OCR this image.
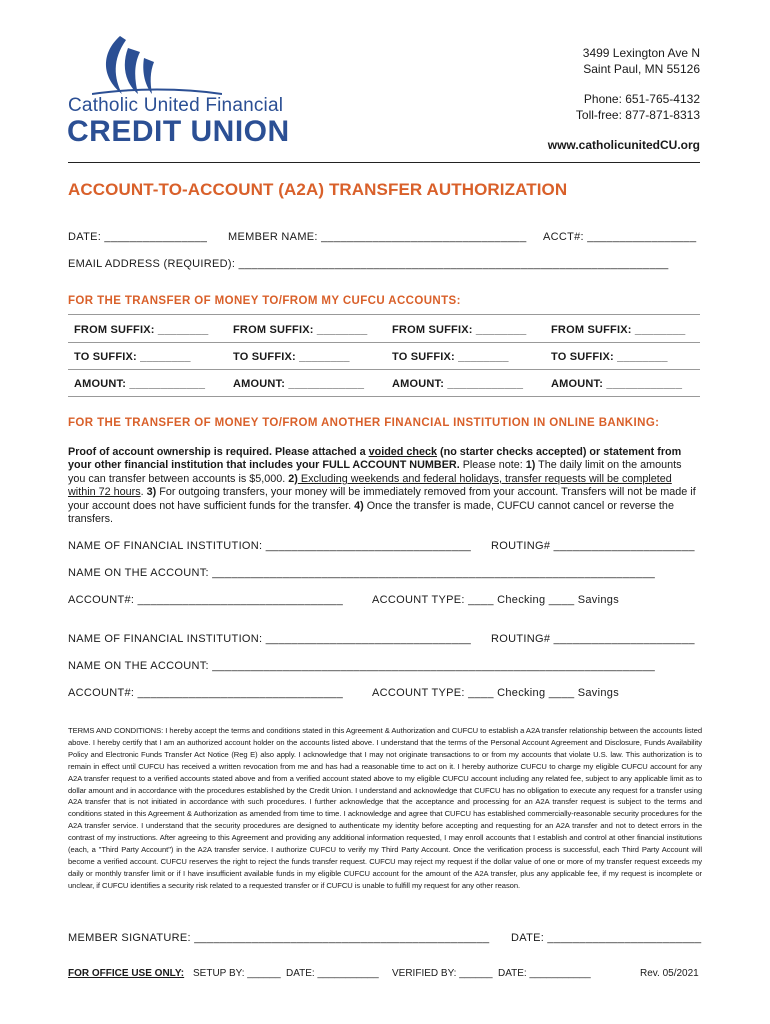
Catholic United Financial
CREDIT UNION
3499 Lexington Ave N
Saint Paul, MN 55126
Phone: 651-765-4132
Toll-free: 877-871-8313
www.catholicunitedCU.org
ACCOUNT-TO-ACCOUNT (A2A) TRANSFER AUTHORIZATION
DATE: ________________ MEMBER NAME: ________________________________ ACCT#: _________________
EMAIL ADDRESS (REQUIRED): ___________________________________________________________________
FOR THE TRANSFER OF MONEY TO/FROM MY CUFCU ACCOUNTS:
FROM SUFFIX: ________ FROM SUFFIX: ________ FROM SUFFIX: ________ FROM SUFFIX: ________
TO SUFFIX: ________	TO SUFFIX: ________	TO SUFFIX: ________	TO SUFFIX: ________
AMOUNT: ____________	AMOUNT: ____________	AMOUNT: ____________	AMOUNT: ____________
FOR THE TRANSFER OF MONEY TO/FROM ANOTHER FINANCIAL INSTITUTION IN ONLINE BANKING:
Proof of account ownership is required. Please attached a voided check (no starter checks accepted) or statement from your other financial institution that includes your FULL ACCOUNT NUMBER. Please note: 1) The daily limit on the amounts you can transfer between accounts is $5,000. 2) Excluding weekends and federal holidays, transfer requests will be completed within 72 hours. 3) For outgoing transfers, your money will be immediately removed from your account. Transfers will not be made if your account does not have sufficient funds for the transfer. 4) Once the transfer is made, CUFCU cannot cancel or reverse the transfers.
NAME OF FINANCIAL INSTITUTION: ________________________________ ROUTING# ______________________
NAME ON THE ACCOUNT: _____________________________________________________________________
ACCOUNT#: ________________________________	ACCOUNT TYPE: ____ Checking ____ Savings
NAME OF FINANCIAL INSTITUTION: ________________________________ ROUTING# ______________________
NAME ON THE ACCOUNT: _____________________________________________________________________
ACCOUNT#: ________________________________	ACCOUNT TYPE: ____ Checking ____ Savings
TERMS AND CONDITIONS: I hereby accept the terms and conditions stated in this Agreement & Authorization and CUFCU to establish a A2A transfer relationship between the accounts listed above. I hereby certify that I am an authorized account holder on the accounts listed above. I understand that the terms of the Personal Account Agreement and Disclosure, Funds Availability Policy and Electronic Funds Transfer Act Notice (Reg E) also apply. I acknowledge that I may not originate transactions to or from my accounts that violate U.S. law. This authorization is to remain in effect until CUFCU has received a written revocation from me and has had a reasonable time to act on it. I hereby authorize CUFCU to charge my eligible CUFCU account for any A2A transfer request to a verified accounts stated above and from a verified account stated above to my eligible CUFCU account including any related fee, subject to any applicable limit as to dollar amount and in accordance with the procedures established by the Credit Union. I understand and acknowledge that CUFCU has no obligation to execute any request for a transfer using A2A transfer that is not initiated in accordance with such procedures. I further acknowledge that the acceptance and processing for an A2A transfer request is subject to the terms and conditions stated in this Agreement & Authorization as amended from time to time. I acknowledge and agree that CUFCU has established commercially-reasonable security procedures for the A2A transfer service. I understand that the security procedures are designed to authenticate my identity before accepting and requesting for an A2A transfer and not to detect errors in the contrast of my instructions. After agreeing to this Agreement and providing any additional information requested, I may enroll accounts that I establish and control at other financial institutions (each, a "Third Party Account") in the A2A transfer service. I authorize CUFCU to verify my Third Party Account. Once the verification process is successful, each Third Party Account will become a verified account. CUFCU reserves the right to reject the funds transfer request. CUFCU may reject my request if the dollar value of one or more of my transfer request exceeds my daily or monthly transfer limit or if I have insufficient available funds in my eligible CUFCU account for the amount of the A2A transfer, plus any applicable fee, if my request is incomplete or unclear, if CUFCU identifies a security risk related to a requested transfer or if CUFCU is unable to fulfill my request for any other reason.
MEMBER SIGNATURE: ______________________________________________ DATE: ________________________
FOR OFFICE USE ONLY: SETUP BY: ______ DATE: ___________ VERIFIED BY: ______ DATE: ___________	Rev. 05/2021
